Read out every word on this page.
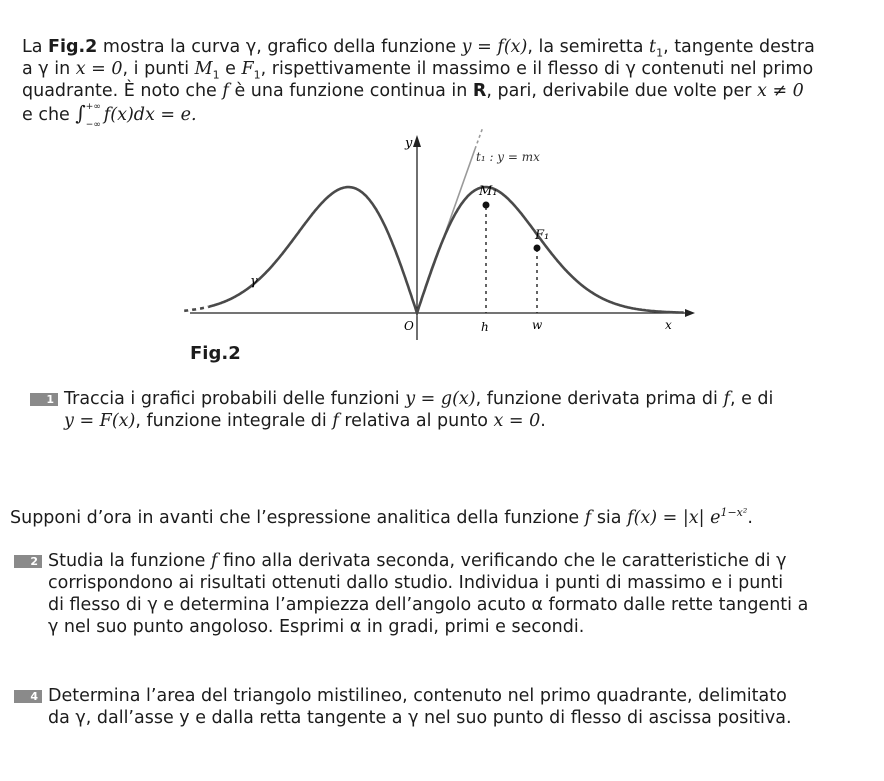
La Fig.2 mostra la curva γ, grafico della funzione y = f(x), la semiretta $t_1$, tangente destra
a γ in x = 0, i punti $M_1$ e $F_1$, rispettivamente il massimo e il flesso di γ contenuti nel primo
quadrante. È noto che f è una funzione continua in R, pari, derivabile due volte per x ≠ 0
e che ∫ +∞
−∞ f(x)dx = e.
y
t₁ : y = mx
M₁
F₁
γ
O	h	w	x
Fig.2
1 Traccia i grafici probabili delle funzioni y = g(x), funzione derivata prima di f, e di
y = F(x), funzione integrale di f relativa al punto x = 0.
Supponi d’ora in avanti che l’espressione analitica della funzione f sia f(x) = |x| $e^{1-x^2}$.
2 Studia la funzione f fino alla derivata seconda, verificando che le caratteristiche di γ
corrispondono ai risultati ottenuti dallo studio. Individua i punti di massimo e i punti
di flesso di γ e determina l’ampiezza dell’angolo acuto α formato dalle rette tangenti a
γ nel suo punto angoloso. Esprimi α in gradi, primi e secondi.
4 Determina l’area del triangolo mistilineo, contenuto nel primo quadrante, delimitato
da γ, dall’asse y e dalla retta tangente a γ nel suo punto di flesso di ascissa positiva.
